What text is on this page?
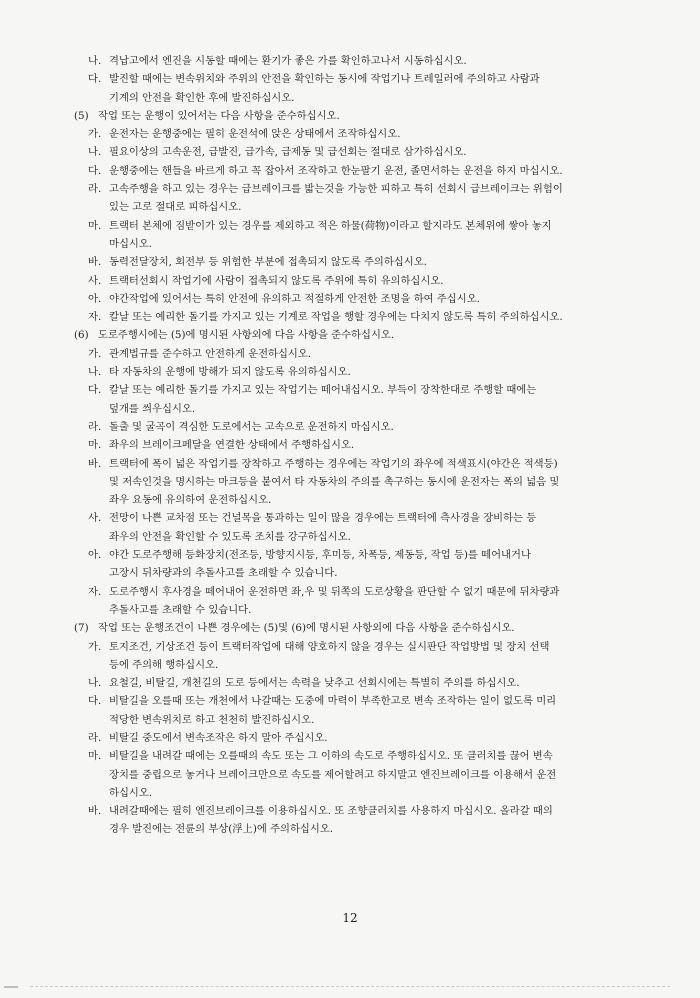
나. 격납고에서 엔진을 시동할 때에는 환기가 좋은 가를 확인하고나서 시동하십시오.
다. 발진할 때에는 변속위치와 주위의 안전을 확인하는 동시에 작업기나 트레일러에 주의하고 사람과
기계의 안전을 확인한 후에 발진하십시오.
(5) 작업 또는 운행이 있어서는 다음 사항을 준수하십시오.
가. 운전자는 운행중에는 필히 운전석에 앉은 상태에서 조작하십시오.
나. 필요이상의 고속운전, 급발진, 급가속, 급제동 및 급선회는 절대로 삼가하십시오.
다. 운행중에는 핸들을 바르게 하고 꼭 잡아서 조작하고 한눈팔기 운전, 졸면서하는 운전을 하지 마십시오.
라. 고속주행을 하고 있는 경우는 급브레이크를 밟는것을 가능한 피하고 특히 선회시 급브레이크는 위험이
있는 고로 절대로 피하십시오.
마. 트랙터 본체에 짐받이가 있는 경우를 제외하고 적은 하물(荷物)이라고 할지라도 본체위에 쌓아 놓지
마십시오.
바. 동력전달장치, 회전부 등 위험한 부분에 접촉되지 않도록 주의하십시오.
사. 트랙터선회시 작업기에 사람이 접촉되지 않도록 주위에 특히 유의하십시오.
아. 야간작업에 있어서는 특히 안전에 유의하고 적절하게 안전한 조명을 하여 주십시오.
자. 칼날 또는 예리한 돌기를 가지고 있는 기계로 작업을 행할 경우에는 다치지 않도록 특히 주의하십시오.
(6) 도로주행시에는 (5)에 명시된 사항외에 다음 사항을 준수하십시오.
가. 관계법규를 준수하고 안전하게 운전하십시오.
나. 타 자동차의 운행에 방해가 되지 않도록 유의하십시오.
다. 칼날 또는 예리한 돌기를 가지고 있는 작업기는 떼어내십시오. 부득이 장착한대로 주행할 때에는
덮개를 씌우십시오.
라. 돌출 및 굴곡이 격심한 도로에서는 고속으로 운전하지 마십시오.
마. 좌우의 브레이크페달을 연결한 상태에서 주행하십시오.
바. 트랙터에 폭이 넓은 작업기를 장착하고 주행하는 경우에는 작업기의 좌우에 적색표시(야간은 적색등)
및 저속인것을 명시하는 마크등을 붙여서 타 자동차의 주의를 촉구하는 동시에 운전자는 폭의 넓음 및
좌우 요동에 유의하여 운전하십시오.
사. 전망이 나쁜 교차점 또는 건널목을 통과하는 일이 많을 경우에는 트랙터에 측사경을 장비하는 등
좌우의 안전을 확인할 수 있도록 조치를 강구하십시오.
아. 야간 도로주행해 등화장치(전조등, 방향지시등, 후미등, 차폭등, 제동등, 작업 등)를 떼어내거나
고장시 뒤차량과의 추돌사고를 초래할 수 있습니다.
자. 도로주행시 후사경을 떼어내어 운전하면 좌,우 및 뒤쪽의 도로상황을 판단할 수 없기 때문에 뒤차량과
추돌사고를 초래할 수 있습니다.
(7) 작업 또는 운행조건이 나쁜 경우에는 (5)및 (6)에 명시된 사항외에 다음 사항을 준수하십시오.
가. 토지조건, 기상조건 등이 트랙터작업에 대해 양호하지 않을 경우는 실시판단 작업방법 및 장치 선택
등에 주의해 행하십시오.
나. 요철길, 비탈길, 개천길의 도로 등에서는 속력을 낮추고 선회시에는 특별히 주의를 하십시오.
다. 비탈길을 오를때 또는 개천에서 나갈때는 도중에 마력이 부족한고로 변속 조작하는 일이 없도록 미리
적당한 변속위치로 하고 천천히 발진하십시오.
라. 비탈길 중도에서 변속조작은 하지 말아 주십시오.
마. 비탈길을 내려갈 때에는 오를때의 속도 또는 그 이하의 속도로 주행하십시오. 또 클러치를 끊어 변속
장치를 중립으로 놓거나 브레이크만으로 속도를 제어할려고 하지말고 엔진브레이크를 이용해서 운전
하십시오.
바. 내려갈때에는 필히 엔진브레이크를 이용하십시오. 또 조향클러치를 사용하지 마십시오. 올라갈 때의
경우 발진에는 전륜의 부상(浮上)에 주의하십시오.
12
